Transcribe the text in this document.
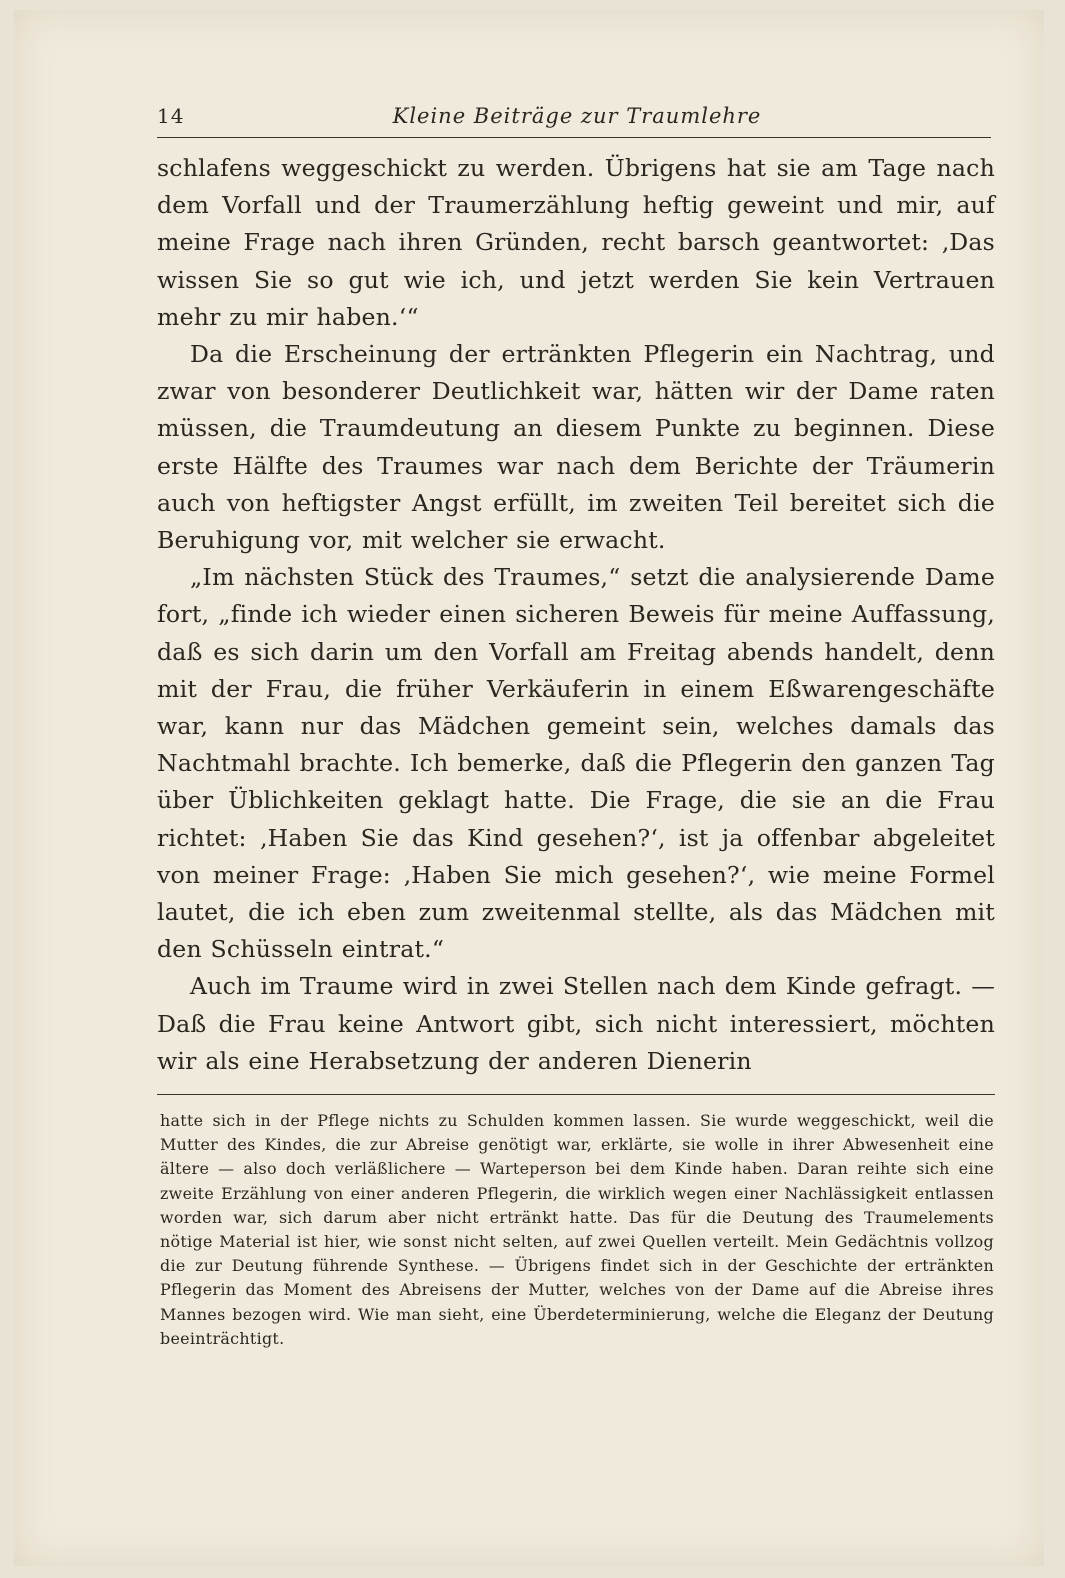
14	Kleine Beiträge zur Traumlehre

schlafens weggeschickt zu werden. Übrigens hat sie am Tage nach dem Vorfall und der Traumerzählung heftig geweint und mir, auf meine Frage nach ihren Gründen, recht barsch geantwortet: ‚Das wissen Sie so gut wie ich, und jetzt werden Sie kein Vertrauen mehr zu mir haben.‘“

Da die Erscheinung der ertränkten Pflegerin ein Nachtrag, und zwar von besonderer Deutlichkeit war, hätten wir der Dame raten müssen, die Traumdeutung an diesem Punkte zu beginnen. Diese erste Hälfte des Traumes war nach dem Berichte der Träumerin auch von heftigster Angst erfüllt, im zweiten Teil bereitet sich die Beruhigung vor, mit welcher sie erwacht.

„Im nächsten Stück des Traumes,“ setzt die analysierende Dame fort, „finde ich wieder einen sicheren Beweis für meine Auffassung, daß es sich darin um den Vorfall am Freitag abends handelt, denn mit der Frau, die früher Verkäuferin in einem Eßwarengeschäfte war, kann nur das Mädchen gemeint sein, welches damals das Nachtmahl brachte. Ich bemerke, daß die Pflegerin den ganzen Tag über Üblichkeiten geklagt hatte. Die Frage, die sie an die Frau richtet: ‚Haben Sie das Kind gesehen?‘, ist ja offenbar abgeleitet von meiner Frage: ‚Haben Sie mich gesehen?‘, wie meine Formel lautet, die ich eben zum zweitenmal stellte, als das Mädchen mit den Schüsseln eintrat.“

Auch im Traume wird in zwei Stellen nach dem Kinde gefragt. — Daß die Frau keine Antwort gibt, sich nicht interessiert, möchten wir als eine Herabsetzung der anderen Dienerin

hatte sich in der Pflege nichts zu Schulden kommen lassen. Sie wurde weggeschickt, weil die Mutter des Kindes, die zur Abreise genötigt war, erklärte, sie wolle in ihrer Abwesenheit eine ältere — also doch verläßlichere — Warteperson bei dem Kinde haben. Daran reihte sich eine zweite Erzählung von einer anderen Pflegerin, die wirklich wegen einer Nachlässigkeit entlassen worden war, sich darum aber nicht ertränkt hatte. Das für die Deutung des Traumelements nötige Material ist hier, wie sonst nicht selten, auf zwei Quellen verteilt. Mein Gedächtnis vollzog die zur Deutung führende Synthese. — Übrigens findet sich in der Geschichte der ertränkten Pflegerin das Moment des Abreisens der Mutter, welches von der Dame auf die Abreise ihres Mannes bezogen wird. Wie man sieht, eine Überdeterminierung, welche die Eleganz der Deutung beeinträchtigt.
